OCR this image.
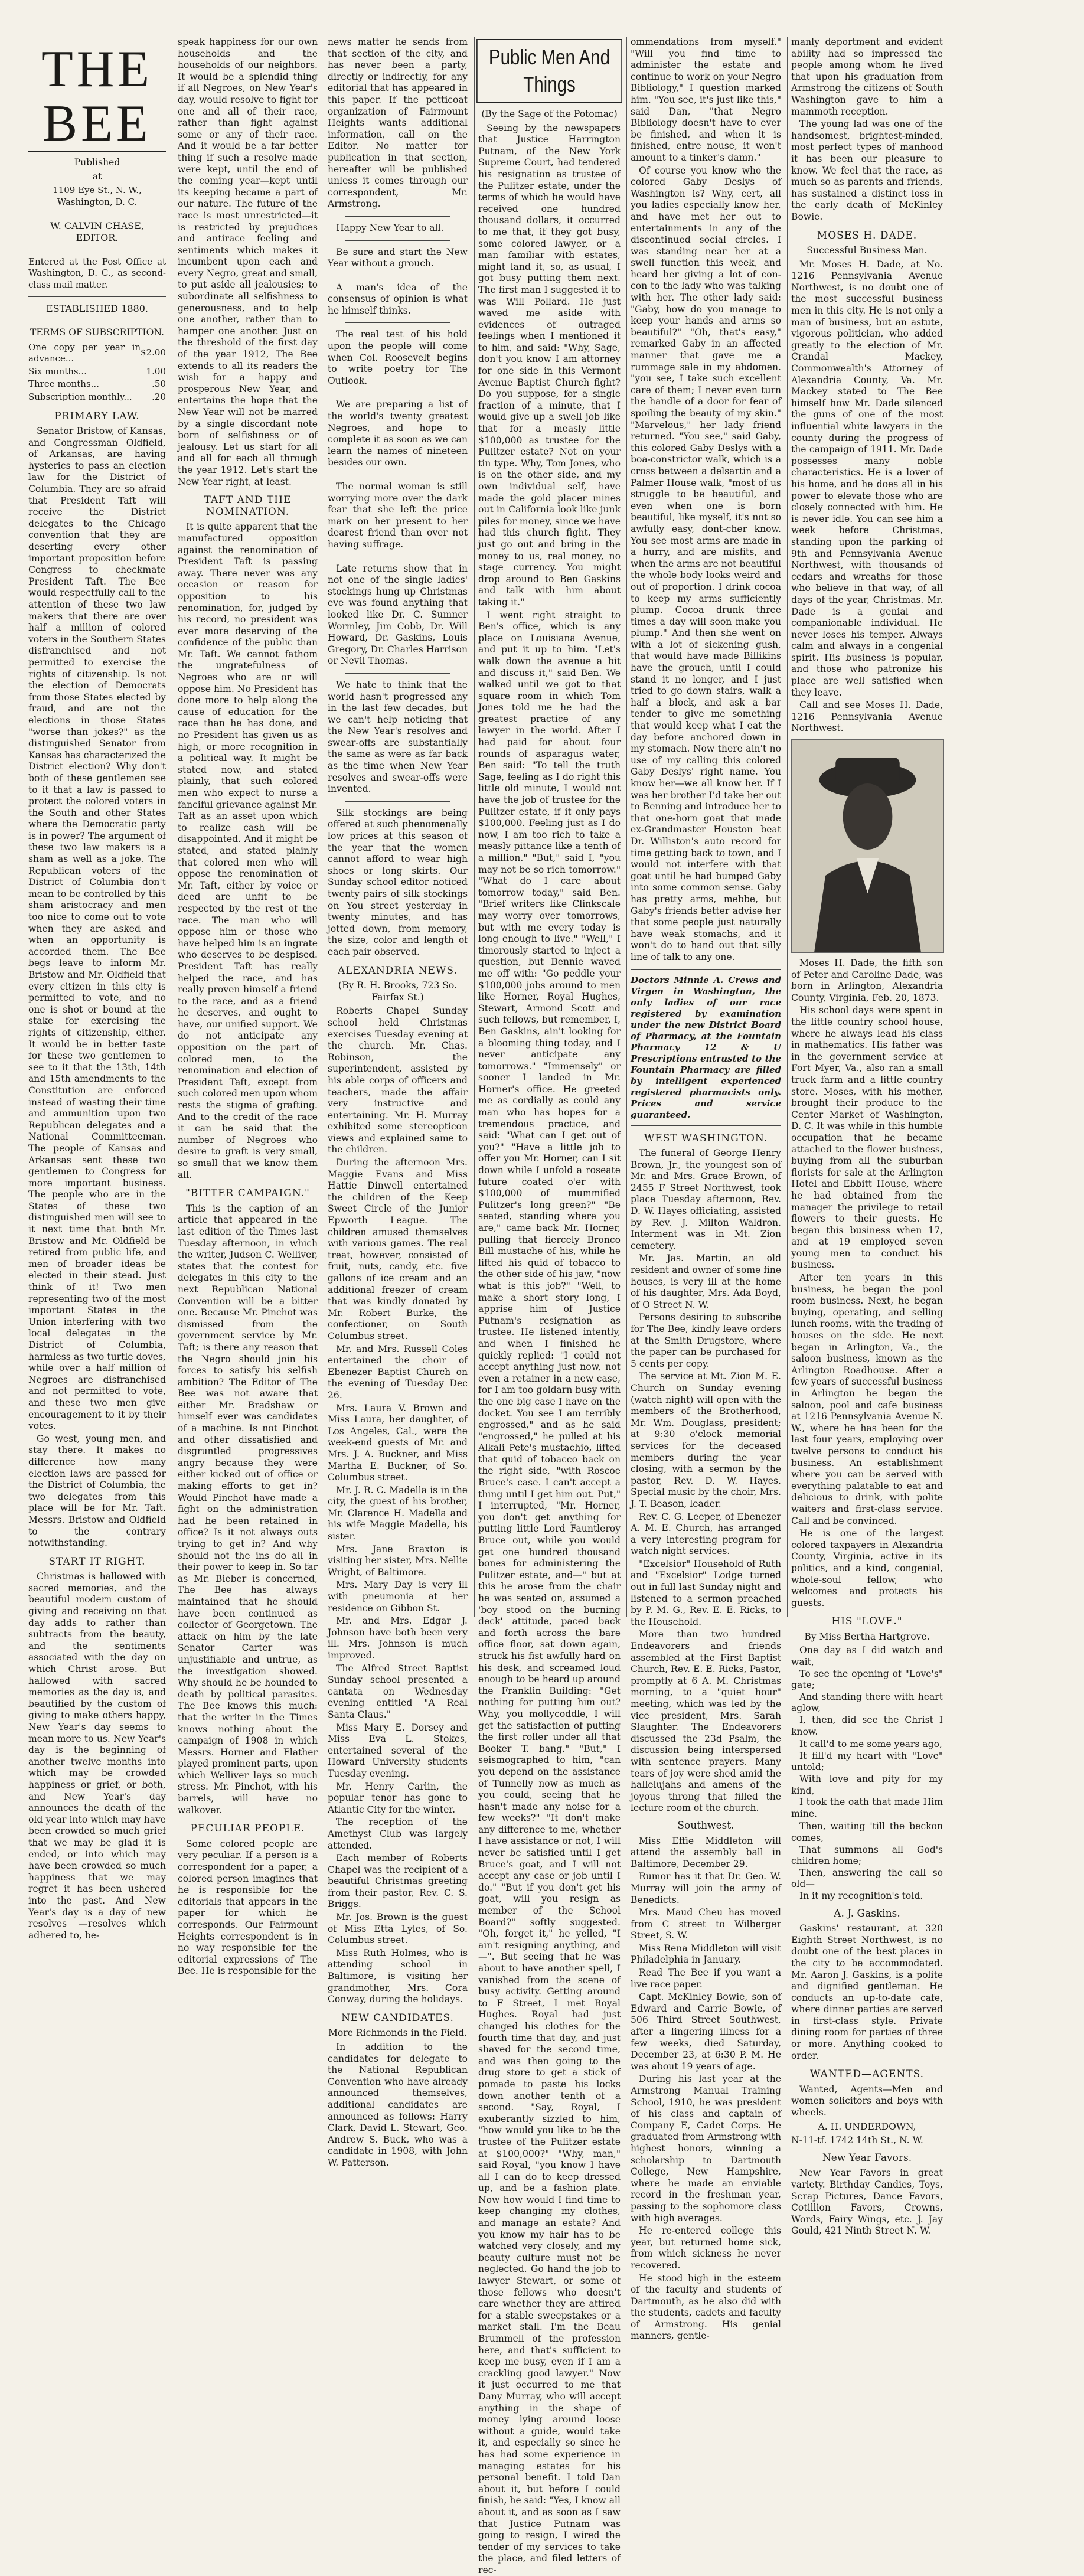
THE BEE
Published
at
1109 Eye St., N. W., Washington, D. C.
W. CALVIN CHASE, EDITOR.

Entered at the Post Office at Washington, D. C., as second-class mail matter.

ESTABLISHED 1880.
TERMS OF SUBSCRIPTION.
One copy per year in advance...	$2.00
Six months...	1.00
Three months...	.50
Subscription monthly...	.20
PRIMARY LAW.

Senator Bristow, of Kansas, and Congressman Oldfield, of Arkansas, are having hysterics to pass an election law for the District of Columbia. They are so afraid that President Taft will receive the District delegates to the Chicago convention that they are deserting every other important proposition before Congress to checkmate President Taft. The Bee would respectfully call to the attention of these two law makers that there are over half a million of colored voters in the Southern States disfranchised and not permitted to exercise the rights of citizenship. Is not the election of Democrats from those States elected by fraud, and are not the elections in those States "worse than jokes?" as the distinguished Senator from Kansas has characterized the District election? Why don't both of these gentlemen see to it that a law is passed to protect the colored voters in the South and other States where the Democratic party is in power? The argument of these two law makers is a sham as well as a joke. The Republican voters of the District of Columbia don't mean to be controlled by this sham aristocracy and men too nice to come out to vote when they are asked and when an opportunity is accorded them. The Bee begs leave to inform Mr. Bristow and Mr. Oldfield that every citizen in this city is permitted to vote, and no one is shot or bound at the stake for exercising the rights of citizenship, either. It would be in better taste for these two gentlemen to see to it that the 13th, 14th and 15th amendments to the Constitution are enforced instead of wasting their time and ammunition upon two Republican delegates and a National Committeeman. The people of Kansas and Arkansas sent these two gentlemen to Congress for more important business. The people who are in the States of these two distinguished men will see to it next time that both Mr. Bristow and Mr. Oldfield be retired from public life, and men of broader ideas be elected in their stead. Just think of it! Two men representing two of the most important States in the Union interfering with two local delegates in the District of Columbia, harmless as two turtle doves, while over a half million of Negroes are disfranchised and not permitted to vote, and these two men give encouragement to it by their votes.

Go west, young men, and stay there. It makes no difference how many election laws are passed for the District of Columbia, the two delegates from this place will be for Mr. Taft. Messrs. Bristow and Oldfield to the contrary notwithstanding.

START IT RIGHT.

Christmas is hallowed with sacred memories, and the beautiful modern custom of giving and receiving on that day adds to rather than subtracts from the beauty, and the sentiments associated with the day on which Christ arose. But hallowed with sacred memories as the day is, and beautified by the custom of giving to make others happy, New Year's day seems to mean more to us. New Year's day is the beginning of another twelve months into which may be crowded happiness or grief, or both, and New Year's day announces the death of the old year into which may have been crowded so much grief that we may be glad it is ended, or into which may have been crowded so much happiness that we may regret it has been ushered into the past. And New Year's day is a day of new resolves —resolves which adhered to, be-

speak happiness for our own households and the households of our neighbors. It would be a splendid thing if all Negroes, on New Year's day, would resolve to fight for one and all of their race, rather than fight against some or any of their race. And it would be a far better thing if such a resolve made were kept, until the end of the coming year—kept until its keeping became a part of our nature. The future of the race is most unrestricted—it is restricted by prejudices and antirace feeling and sentiments which makes it incumbent upon each and every Negro, great and small, to put aside all jealousies; to subordinate all selfishness to generousness, and to help one another, rather than to hamper one another. Just on the threshold of the first day of the year 1912, The Bee extends to all its readers the wish for a happy and prosperous New Year, and entertains the hope that the New Year will not be marred by a single discordant note born of selfishness or of jealousy. Let us start for all and all for each all through the year 1912. Let's start the New Year right, at least.

TAFT AND THE NOMINATION.

It is quite apparent that the manufactured opposition against the renomination of President Taft is passing away. There never was any occasion or reason for opposition to his renomination, for, judged by his record, no president was ever more deserving of the confidence of the public than Mr. Taft. We cannot fathom the ungratefulness of Negroes who are or will oppose him. No President has done more to help along the cause of education for the race than he has done, and no President has given us as high, or more recognition in a political way. It might be stated now, and stated plainly, that such colored men who expect to nurse a fanciful grievance against Mr. Taft as an asset upon which to realize cash will be disappointed. And it might be stated, and stated plainly that colored men who will oppose the renomination of Mr. Taft, either by voice or deed are unfit to be respected by the rest of the race. The man who will oppose him or those who have helped him is an ingrate who deserves to be despised. President Taft has really helped the race, and has really proven himself a friend to the race, and as a friend he deserves, and ought to have, our unified support. We do not anticipate any opposition on the part of colored men, to the renomination and election of President Taft, except from such colored men upon whom rests the stigma of grafting. And to the credit of the race it can be said that the number of Negroes who desire to graft is very small, so small that we know them all.

"BITTER CAMPAIGN."

This is the caption of an article that appeared in the last edition of the Times last Tuesday afternoon, in which the writer, Judson C. Welliver, states that the contest for delegates in this city to the next Republican National Convention will be a bitter one. Because Mr. Pinchot was dismissed from the government service by Mr. Taft; is there any reason that the Negro should join his forces to satisfy his selfish ambition? The Editor of The Bee was not aware that either Mr. Bradshaw or himself ever was candidates of a machine. Is not Pinchot and other dissatisfied and disgruntled progressives angry because they were either kicked out of office or making efforts to get in? Would Pinchot have made a fight on the administration had he been retained in office? Is it not always outs trying to get in? And why should not the ins do all in their power to keep in. So far as Mr. Bieber is concerned, The Bee has always maintained that he should have been continued as collector of Georgetown. The attack on him by the late Senator Carter was unjustifiable and untrue, as the investigation showed. Why should he be hounded to death by political parasites. The Bee knows this much: that the writer in the Times knows nothing about the campaign of 1908 in which Messrs. Horner and Flather played prominent parts, upon which Welliver lays so much stress. Mr. Pinchot, with his barrels, will have no walkover.

PECULIAR PEOPLE.

Some colored people are very peculiar. If a person is a correspondent for a paper, a colored person imagines that he is responsible for the editorials that appears in the paper for which he corresponds. Our Fairmount Heights correspondent is in no way responsible for the editorial expressions of The Bee. He is responsible for the

news matter he sends from that section of the city, and has never been a party, directly or indirectly, for any editorial that has appeared in this paper. If the petticoat organization of Fairmount Heights wants additional information, call on the Editor. No matter for publication in that section, hereafter will be published unless it comes through our correspondent, Mr. Armstrong.

Happy New Year to all.

Be sure and start the New Year without a grouch.

A man's idea of the consensus of opinion is what he himself thinks.

The real test of his hold upon the people will come when Col. Roosevelt begins to write poetry for The Outlook.

We are preparing a list of the world's twenty greatest Negroes, and hope to complete it as soon as we can learn the names of nineteen besides our own.

The normal woman is still worrying more over the dark fear that she left the price mark on her present to her dearest friend than over not having suffrage.

Late returns show that in not one of the single ladies' stockings hung up Christmas eve was found anything that looked like Dr. C. Sumner Wormley, Jim Cobb, Dr. Will Howard, Dr. Gaskins, Louis Gregory, Dr. Charles Harrison or Nevil Thomas.

We hate to think that the world hasn't progressed any in the last few decades, but we can't help noticing that the New Year's resolves and swear-offs are substantially the same as were as far back as the time when New Year resolves and swear-offs were invented.

Silk stockings are being offered at such phenomenally low prices at this season of the year that the women cannot afford to wear high shoes or long skirts. Our Sunday school editor noticed twenty pairs of silk stockings on You street yesterday in twenty minutes, and has jotted down, from memory, the size, color and length of each pair observed.

ALEXANDRIA NEWS.
(By R. H. Brooks, 723 So. Fairfax St.)

Roberts Chapel Sunday school held Christmas exercises Tuesday evening at the church. Mr. Chas. Robinson, the superintendent, assisted by his able corps of officers and teachers, made the affair very instructive and entertaining. Mr. H. Murray exhibited some stereopticon views and explained same to the children.

During the afternoon Mrs. Maggie Evans and Miss Hattie Dinwell entertained the children of the Keep Sweet Circle of the Junior Epworth League. The children amused themselves with various games. The real treat, however, consisted of fruit, nuts, candy, etc. five gallons of ice cream and an additional freezer of cream that was kindly donated by Mr. Robert Burke, the confectioner, on South Columbus street.

Mr. and Mrs. Russell Coles entertained the choir of Ebenezer Baptist Church on the evening of Tuesday Dec 26.

Mrs. Laura V. Brown and Miss Laura, her daughter, of Los Angeles, Cal., were the week-end guests of Mr. and Mrs. J. A. Buckner, and Miss Martha E. Buckner, of So. Columbus street.

Mr. J. R. C. Madella is in the city, the guest of his brother, Mr. Clarence H. Madella and his wife Maggie Madella, his sister.

Mrs. Jane Braxton is visiting her sister, Mrs. Nellie Wright, of Baltimore.

Mrs. Mary Day is very ill with pneumonia at her residence on Gibbon St.

Mr. and Mrs. Edgar J. Johnson have both been very ill. Mrs. Johnson is much improved.

The Alfred Street Baptist Sunday school presented a cantata on Wednesday evening entitled "A Real Santa Claus."

Miss Mary E. Dorsey and Miss Eva L. Stokes, entertained several of the Howard University students Tuesday evening.

Mr. Henry Carlin, the popular tenor has gone to Atlantic City for the winter.

The reception of the Amethyst Club was largely attended.

Each member of Roberts Chapel was the recipient of a beautiful Christmas greeting from their pastor, Rev. C. S. Briggs.

Mr. Jos. Brown is the guest of Miss Etta Lyles, of So. Columbus street.

Miss Ruth Holmes, who is attending school in Baltimore, is visiting her grandmother, Mrs. Cora Conway, during the holidays.

NEW CANDIDATES.
More Richmonds in the Field.

In addition to the candidates for delegate to the National Republican Convention who have already announced themselves, additional candidates are announced as follows: Harry Clark, David L. Stewart, Geo. Andrew S. Buck, who was a candidate in 1908, with John W. Patterson.

Public Men And Things
(By the Sage of the Potomac)

Seeing by the newspapers that Justice Harrington Putnam, of the New York Supreme Court, had tendered his resignation as trustee of the Pulitzer estate, under the terms of which he would have received one hundred thousand dollars, it occurred to me that, if they got busy, some colored lawyer, or a man familiar with estates, might land it, so, as usual, I got busy putting them next. The first man I suggested it to was Will Pollard. He just waved me aside with evidences of outraged feelings when I mentioned it to him, and said: "Why, Sage, don't you know I am attorney for one side in this Vermont Avenue Baptist Church fight? Do you suppose, for a single fraction of a minute, that I would give up a swell job like that for a measly little $100,000 as trustee for the Pulitzer estate? Not on your tin type. Why, Tom Jones, who is on the other side, and my own individual self, have made the gold placer mines out in California look like junk piles for money, since we have had this church fight. They just go out and bring in the money to us, real money, no stage currency. You might drop around to Ben Gaskins and talk with him about taking it."

I went right straight to Ben's office, which is any place on Louisiana Avenue, and put it up to him. "Let's walk down the avenue a bit and discuss it," said Ben. We walked until we got to that square room in which Tom Jones told me he had the greatest practice of any lawyer in the world. After I had paid for about four rounds of asparagus water, Ben said: "To tell the truth Sage, feeling as I do right this little old minute, I would not have the job of trustee for the Pulitzer estate, if it only pays $100,000. Feeling just as I do now, I am too rich to take a measly pittance like a tenth of a million." "But," said I, "you may not be so rich tomorrow." "What do I care about tomorrow today," said Ben. "Brief writers like Clinkscale may worry over tomorrows, but with me every today is long enough to live." "Well," I timorously started to inject a question, but Bennie waved me off with: "Go peddle your $100,000 jobs around to men like Horner, Royal Hughes, Stewart, Armond Scott and such fellows, but remember, I, Ben Gaskins, ain't looking for a blooming thing today, and I never anticipate any tomorrows." "Immensely" or sooner I landed in Mr. Horner's office. He greeted me as cordially as could any man who has hopes for a tremendous practice, and said: "What can I get out of you?" "Have a little job to offer you Mr. Horner, can I sit down while I unfold a roseate future coated o'er with $100,000 of mummified Pulitzer's long green?" "Be seated, standing where you are," came back Mr. Horner, pulling that fiercely Bronco Bill mustache of his, while he lifted his quid of tobacco to the other side of his jaw, "now what is this job?" "Well, to make a short story long, I apprise him of Justice Putnam's resignation as trustee. He listened intently, and when I finished he quickly replied: "I could not accept anything just now, not even a retainer in a new case, for I am too goldarn busy with the one big case I have on the docket. You see I am terribly engrossed," and as he said "engrossed," he pulled at his Alkali Pete's mustachio, lifted that quid of tobacco back on the right side, "with Roscoe Bruce's case. I can't accept a thing until I get him out. Put," I interrupted, "Mr. Horner, you don't get anything for putting little Lord Fauntleroy Bruce out, while you would get one hundred thousand bones for administering the Pulitzer estate, and—" but at this he arose from the chair he was seated on, assumed a 'boy stood on the burning deck' attitude, paced back and forth across the bare office floor, sat down again, struck his fist awfully hard on his desk, and screamed loud enough to be heard up around the Franklin Building: "Get nothing for putting him out? Why, you mollycoddle, I will get the satisfaction of putting the first roller under all that Booker T. bang." "But," I seismographed to him, "can you depend on the assistance of Tunnelly now as much as you could, seeing that he hasn't made any noise for a few weeks?" "It don't make any difference to me, whether I have assistance or not, I will never be satisfied until I get Bruce's goat, and I will not accept any case or job until I do." "But if you don't get his goat, will you resign as member of the School Board?" softly suggested. "Oh, forget it," he yelled, "I ain't resigning anything, and—". But seeing that he was about to have another spell, I vanished from the scene of busy activity. Getting around to F Street, I met Royal Hughes. Royal had just changed his clothes for the fourth time that day, and just shaved for the second time, and was then going to the drug store to get a stick of pomade to paste his locks down another tenth of a second. "Say, Royal, I exuberantly sizzled to him, "how would you like to be the trustee of the Pulitzer estate at $100,000?" "Why, man," said Royal, "you know I have all I can do to keep dressed up, and be a fashion plate. Now how would I find time to keep changing my clothes, and manage an estate? And you know my hair has to be watched very closely, and my beauty culture must not be neglected. Go hand the job to lawyer Stewart, or some of those fellows who doesn't care whether they are attired for a stable sweepstakes or a market stall. I'm the Beau Brummell of the profession here, and that's sufficient to keep me busy, even if I am a crackling good lawyer." Now it just occurred to me that Dany Murray, who will accept anything in the shape of money lying around loose without a guide, would take it, and especially so since he has had some experience in managing estates for his personal benefit. I told Dan about it, but before I could finish, he said: "Yes, I know all about it, and as soon as I saw that Justice Putnam was going to resign, I wired the tender of my services to take the place, and filed letters of rec-

ommendations from myself." "Will you find time to administer the estate and continue to work on your Negro Bibliology," I question marked him. "You see, it's just like this," said Dan, "that Negro Bibliology doesn't have to ever be finished, and when it is finished, entre nouse, it won't amount to a tinker's damn."

Of course you know who the colored Gaby Deslys of Washington is? Why, cert, all you ladies especially know her, and have met her out to entertainments in any of the discontinued social circles. I was standing near her at a swell function this week, and heard her giving a lot of con-con to the lady who was talking with her. The other lady said: "Gaby, how do you manage to keep your hands and arms so beautiful?" "Oh, that's easy," remarked Gaby in an affected manner that gave me a rummage sale in my abdomen. "you see, I take such excellent care of them; I never even turn the handle of a door for fear of spoiling the beauty of my skin." "Marvelous," her lady friend returned. "You see," said Gaby, this colored Gaby Deslys with a boa-constrictor walk, which is a cross between a delsartin and a Palmer House walk, "most of us struggle to be beautiful, and even when one is born beautiful, like myself, it's not so awfully easy, dont-cher know. You see most arms are made in a hurry, and are misfits, and when the arms are not beautiful the whole body looks weird and out of proportion. I drink cocoa to keep my arms sufficiently plump. Cocoa drunk three times a day will soon make you plump." And then she went on with a lot of sickening gush, that would have made Billikins have the grouch, until I could stand it no longer, and I just tried to go down stairs, walk a half a block, and ask a bar tender to give me something that would keep what I eat the day before anchored down in my stomach. Now there ain't no use of my calling this colored Gaby Deslys' right name. You know her—we all know her. If I was her brother I'd take her out to Benning and introduce her to that one-horn goat that made ex-Grandmaster Houston beat Dr. Williston's auto record for time getting back to town, and I would not interfere with that goat until he had bumped Gaby into some common sense. Gaby has pretty arms, mebbe, but Gaby's friends better advise her that some people just naturally have weak stomachs, and it won't do to hand out that silly line of talk to any one.

Doctors Minnie A. Crews and Virgen in Washington, the only ladies of our race registered by examination under the new District Board of Pharmacy, at the Fountain Pharmacy 12 & U Prescriptions entrusted to the Fountain Pharmacy are filled by intelligent experienced registered pharmacists only. Prices and service guaranteed.
WEST WASHINGTON.

The funeral of George Henry Brown, Jr., the youngest son of Mr. and Mrs. Grace Brown, of 2455 F Street Northwest, took place Tuesday afternoon, Rev. D. W. Hayes officiating, assisted by Rev. J. Milton Waldron. Interment was in Mt. Zion cemetery.

Mr. Jas. Martin, an old resident and owner of some fine houses, is very ill at the home of his daughter, Mrs. Ada Boyd, of O Street N. W.

Persons desiring to subscribe for The Bee, kindly leave orders at the Smith Drugstore, where the paper can be purchased for 5 cents per copy.

The service at Mt. Zion M. E. Church on Sunday evening (watch night) will open with the members of the Brotherhood, Mr. Wm. Douglass, president; at 9:30 o'clock memorial services for the deceased members during the year closing, with a sermon by the pastor, Rev. D. W. Hayes. Special music by the choir, Mrs. J. T. Beason, leader.

Rev. C. G. Leeper, of Ebenezer A. M. E. Church, has arranged a very interesting program for watch night services.

"Excelsior" Household of Ruth and "Excelsior" Lodge turned out in full last Sunday night and listened to a sermon preached by P. M. G., Rev. E. E. Ricks, to the Household.

More than two hundred Endeavorers and friends assembled at the First Baptist Church, Rev. E. E. Ricks, Pastor, promptly at 6 A. M. Christmas morning, to a "quiet hour" meeting, which was led by the vice president, Mrs. Sarah Slaughter. The Endeavorers discussed the 23d Psalm, the discussion being interspersed with sentence prayers. Many tears of joy were shed amid the hallelujahs and amens of the joyous throng that filled the lecture room of the church.

Southwest.

Miss Effie Middleton will attend the assembly ball in Baltimore, December 29.

Rumor has it that Dr. Geo. W. Murray will join the army of Benedicts.

Mrs. Maud Cheu has moved from C street to Wilberger Street, S. W.

Miss Rena Middleton will visit Philadelphia in January.

Read The Bee if you want a live race paper.

Capt. McKinley Bowie, son of Edward and Carrie Bowie, of 506 Third Street Southwest, after a lingering illness for a few weeks, died Saturday, December 23, at 6:30 P. M. He was about 19 years of age.

During his last year at the Armstrong Manual Training School, 1910, he was president of his class and captain of Company E, Cadet Corps. He graduated from Armstrong with highest honors, winning a scholarship to Dartmouth College, New Hampshire, where he made an enviable record in the freshman year, passing to the sophomore class with high averages.

He re-entered college this year, but returned home sick, from which sickness he never recovered.

He stood high in the esteem of the faculty and students of Dartmouth, as he also did with the students, cadets and faculty of Armstrong. His genial manners, gentle-

manly deportment and evident ability had so impressed the people among whom he lived that upon his graduation from Armstrong the citizens of South Washington gave to him a mammoth reception.

The young lad was one of the handsomest, brightest-minded, most perfect types of manhood it has been our pleasure to know. We feel that the race, as much so as parents and friends, has sustained a distinct loss in the early death of McKinley Bowie.

MOSES H. DADE.
Successful Business Man.

Mr. Moses H. Dade, at No. 1216 Pennsylvania Avenue Northwest, is no doubt one of the most successful business men in this city. He is not only a man of business, but an astute, vigorous politician, who added greatly to the election of Mr. Crandal Mackey, Commonwealth's Attorney of Alexandria County, Va. Mr. Mackey stated to The Bee himself how Mr. Dade silenced the guns of one of the most influential white lawyers in the county during the progress of the campaign of 1911. Mr. Dade possesses many noble characteristics. He is a lover of his home, and he does all in his power to elevate those who are closely connected with him. He is never idle. You can see him a week before Christmas, standing upon the parking of 9th and Pennsylvania Avenue Northwest, with thousands of cedars and wreaths for those who believe in that way, of all days of the year, Christmas. Mr. Dade is a genial and companionable individual. He never loses his temper. Always calm and always in a congenial spirit. His business is popular, and those who patronize his place are well satisfied when they leave.

Call and see Moses H. Dade, 1216 Pennsylvania Avenue Northwest.

Moses H. Dade, the fifth son of Peter and Caroline Dade, was born in Arlington, Alexandria County, Virginia, Feb. 20, 1873.

His school days were spent in the little country school house, where he always lead his class in mathematics. His father was in the government service at Fort Myer, Va., also ran a small truck farm and a little country store. Moses, with his mother, brought their produce to the Center Market of Washington, D. C. It was while in this humble occupation that he became attached to the flower business, buying from all the suburban florists for sale at the Arlington Hotel and Ebbitt House, where he had obtained from the manager the privilege to retail flowers to their guests. He began this business when 17, and at 19 employed seven young men to conduct his business.

After ten years in this business, he began the pool room business. Next, he began buying, operating, and selling lunch rooms, with the trading of houses on the side. He next began in Arlington, Va., the saloon business, known as the Arlington Roadhouse. After a few years of successful business in Arlington he began the saloon, pool and cafe business at 1216 Pennsylvania Avenue N. W., where he has been for the last four years, employing over twelve persons to conduct his business. An establishment where you can be served with everything palatable to eat and delicious to drink, with polite waiters and first-class service. Call and be convinced.

He is one of the largest colored taxpayers in Alexandria County, Virginia, active in its politics, and a kind, congenial, whole-soul fellow, who welcomes and protects his guests.

HIS "LOVE."
By Miss Bertha Hartgrove.

One day as I did watch and wait,
To see the opening of "Love's" gate;
And standing there with heart aglow,
I, then, did see the Christ I know.

It call'd to me some years ago,
It fill'd my heart with "Love" untold;
With love and pity for my kind,
I took the oath that made Him mine.

Then, waiting 'till the beckon comes,
That summons all God's children home;
Then, answering the call so old—
In it my recognition's told.

A. J. Gaskins.

Gaskins' restaurant, at 320 Eighth Street Northwest, is no doubt one of the best places in the city to be accommodated. Mr. Aaron J. Gaskins, is a polite and dignified gentleman. He conducts an up-to-date cafe, where dinner parties are served in first-class style. Private dining room for parties of three or more. Anything cooked to order.

WANTED—AGENTS.

Wanted, Agents—Men and women solicitors and boys with wheels.

A. H. UNDERDOWN,

N-11-tf. 1742 14th St., N. W.

New Year Favors.

New Year Favors in great variety. Birthday Candies, Toys, Scrap Pictures, Dance Favors, Cotillion Favors, Crowns, Words, Fairy Wings, etc. J. Jay Gould, 421 Ninth Street N. W.
